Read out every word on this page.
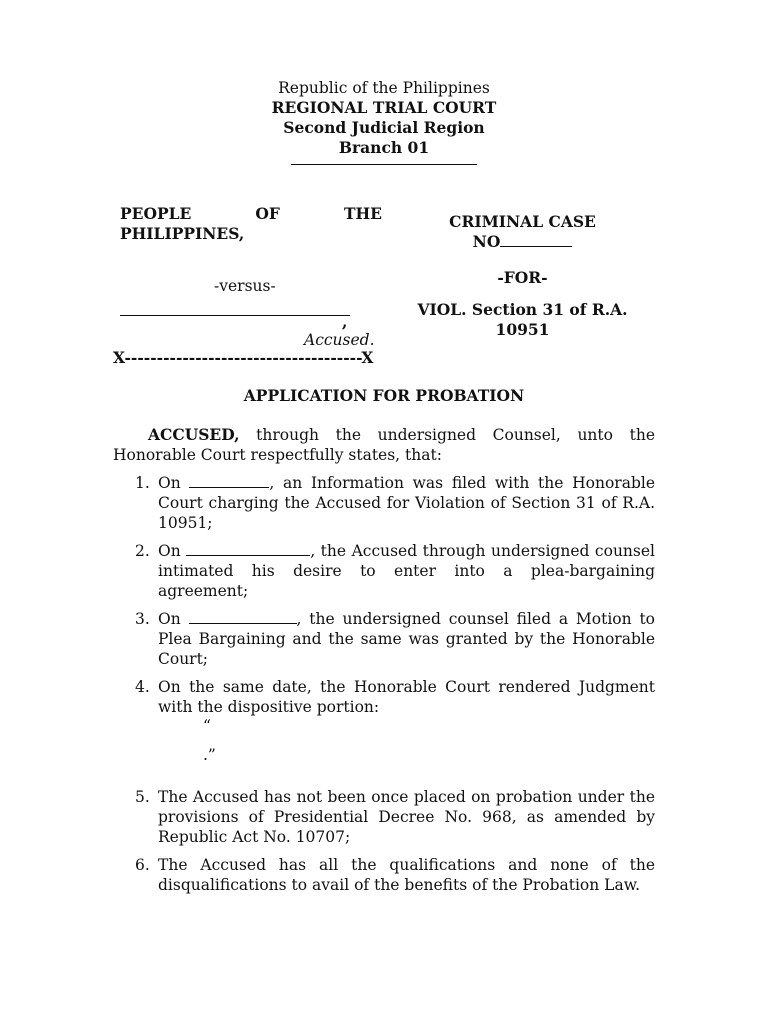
Republic of the Philippines
REGIONAL TRIAL COURT
Second Judicial Region
Branch 01
PEOPLE	OF	THE
PHILIPPINES,
-versus-
,
Accused.
X-------------------------------------X
CRIMINAL CASE
NO
-FOR-
VIOL. Section 31 of R.A.
10951
APPLICATION FOR PROBATION
ACCUSED, through the undersigned Counsel, unto the Honorable Court respectfully states, that:
1. On	, an Information was filed with the Honorable Court charging the Accused for Violation of Section 31 of R.A. 10951;
2. On	, the Accused through undersigned counsel intimated his desire to enter into a plea-bargaining agreement;
3. On	, the undersigned counsel filed a Motion to Plea Bargaining and the same was granted by the Honorable Court;
4. On the same date, the Honorable Court rendered Judgment with the dispositive portion:
5. The Accused has not been once placed on probation under the provisions of Presidential Decree No. 968, as amended by Republic Act No. 10707;
6. The Accused has all the qualifications and none of the disqualifications to avail of the benefits of the Probation Law.
“
.”
